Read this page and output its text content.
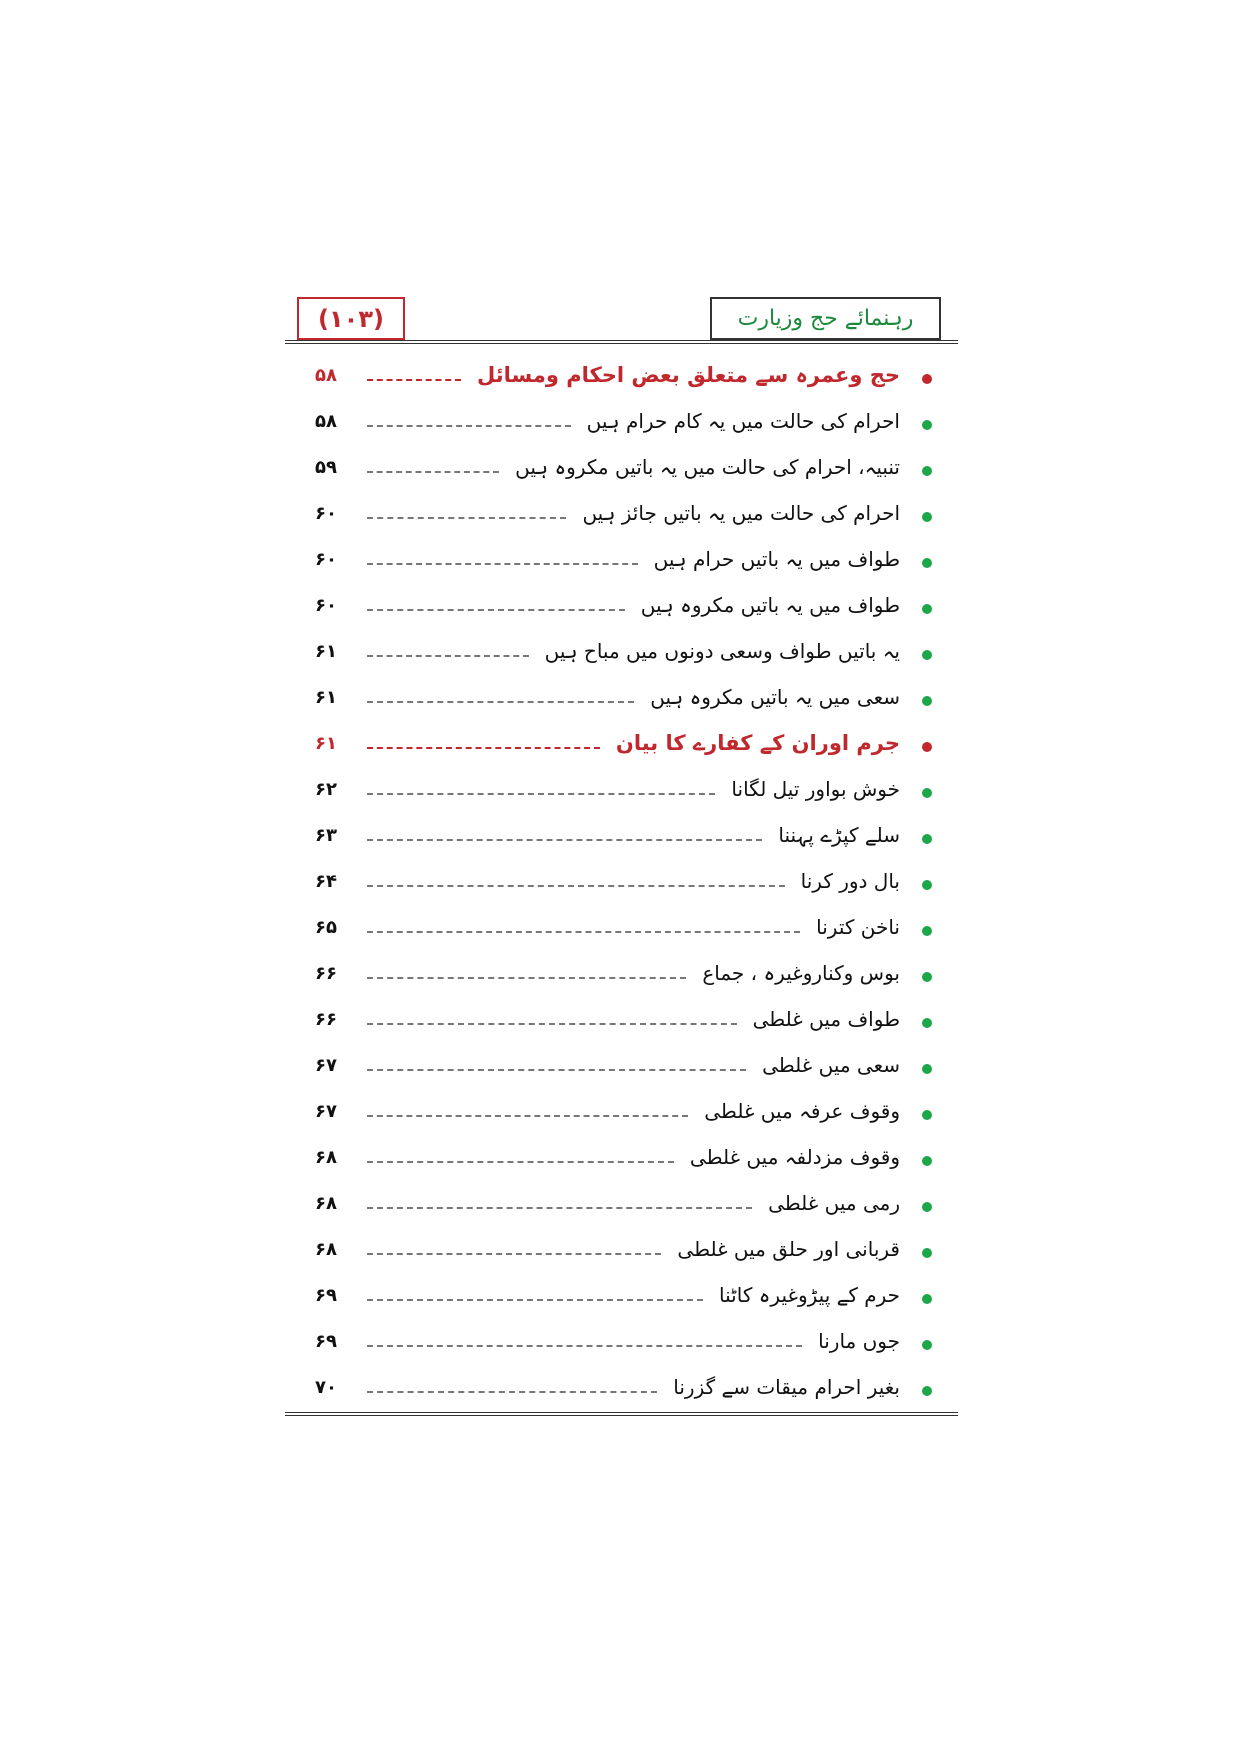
(۱۰۳)	رہنمائے حج وزیارت
حج وعمرہ سے متعلق بعض احکام ومسائل
۵۸
احرام کی حالت میں یہ کام حرام ہیں
۵۸
تنبیہ، احرام کی حالت میں یہ باتیں مکروہ ہیں
۵۹
احرام کی حالت میں یہ باتیں جائز ہیں
۶۰
طواف میں یہ باتیں حرام ہیں
۶۰
طواف میں یہ باتیں مکروہ ہیں
۶۰
یہ باتیں طواف وسعی دونوں میں مباح ہیں
۶۱
سعی میں یہ باتیں مکروہ ہیں
۶۱
جرم اوران کے کفارے کا بیان
۶۱
خوش بواور تیل لگانا
۶۲
سلے کپڑے پہننا
۶۳
بال دور کرنا
۶۴
ناخن کترنا
۶۵
بوس وکناروغیرہ ، جماع
۶۶
طواف میں غلطی
۶۶
سعی میں غلطی
۶۷
وقوف عرفہ میں غلطی
۶۷
وقوف مزدلفہ میں غلطی
۶۸
رمی میں غلطی
۶۸
قربانی اور حلق میں غلطی
۶۸
حرم کے پیڑوغیرہ کاٹنا
۶۹
جوں مارنا
۶۹
بغیر احرام میقات سے گزرنا
۷۰
